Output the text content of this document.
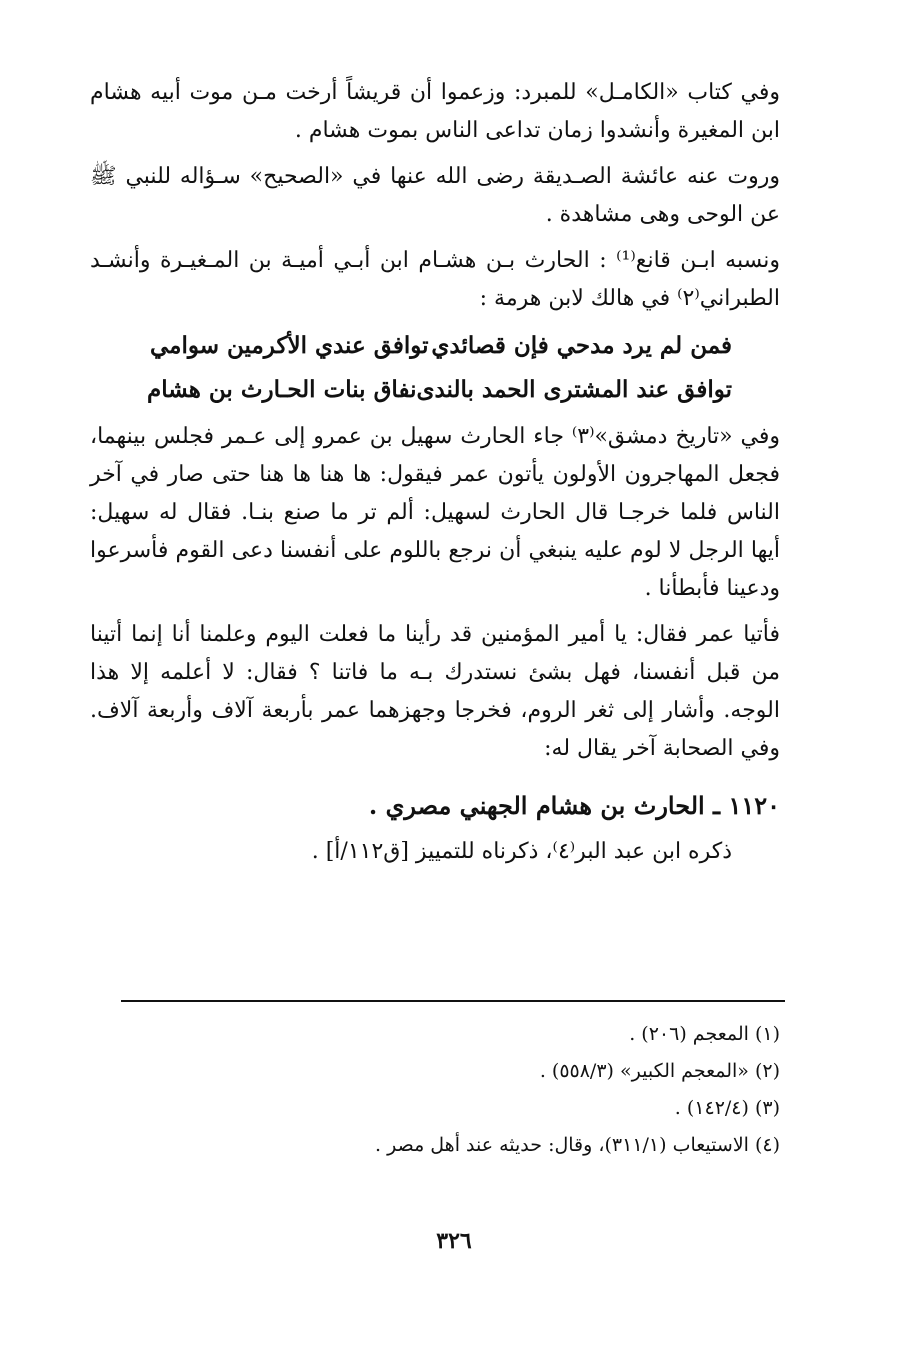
وفي كتاب «الكامـل» للمبرد: وزعموا أن قريشاً أرخت مـن موت أبيه هشام ابن المغيرة وأنشدوا زمان تداعى الناس بموت هشام .

وروت عنه عائشة الصـديقة رضى الله عنها في «الصحيح» سـؤاله للنبي ﷺ عن الوحى وهى مشاهدة .

ونسبه ابـن قانع⁽¹⁾ : الحارث بـن هشـام ابن أبـي أميـة بن المـغيـرة وأنشـد الطبراني⁽٢⁾ في هالك لابن هرمة :

فمن لم يرد مدحي فإن قصائدي
توافق عندي الأكرمين سوامي
توافق عند المشترى الحمد بالندى
نفاق بنات الحـارث بن هشام

وفي «تاريخ دمشق»⁽٣⁾ جاء الحارث سهيل بن عمرو إلى عـمر فجلس بينهما، فجعل المهاجرون الأولون يأتون عمر فيقول: ها هنا ها هنا حتى صار في آخر الناس فلما خرجـا قال الحارث لسهيل: ألم تر ما صنع بنـا. فقال له سهيل: أيها الرجل لا لوم عليه ينبغي أن نرجع باللوم على أنفسنا دعى القوم فأسرعوا ودعينا فأبطأنا .

فأتيا عمر فقال: يا أمير المؤمنين قد رأينا ما فعلت اليوم وعلمنا أنا إنما أتينا من قبل أنفسنا، فهل بشئ نستدرك بـه ما فاتنا ؟ فقال: لا أعلمه إلا هذا الوجه. وأشار إلى ثغر الروم، فخرجا وجهزهما عمر بأربعة آلاف وأربعة آلاف. وفي الصحابة آخر يقال له:

١١٢٠ ـ الحارث بن هشام الجهني مصري .
ذكره ابن عبد البر⁽٤⁾، ذكرناه للتمييز [ق١١٢/أ] .

(١)المعجم (٢٠٦) .

(٢)«المعجم الكبير» (٥٥٨/٣) .

(٣)(١٤٢/٤) .

(٤)الاستيعاب (٣١١/١)، وقال: حديثه عند أهل مصر .

٣٢٦
